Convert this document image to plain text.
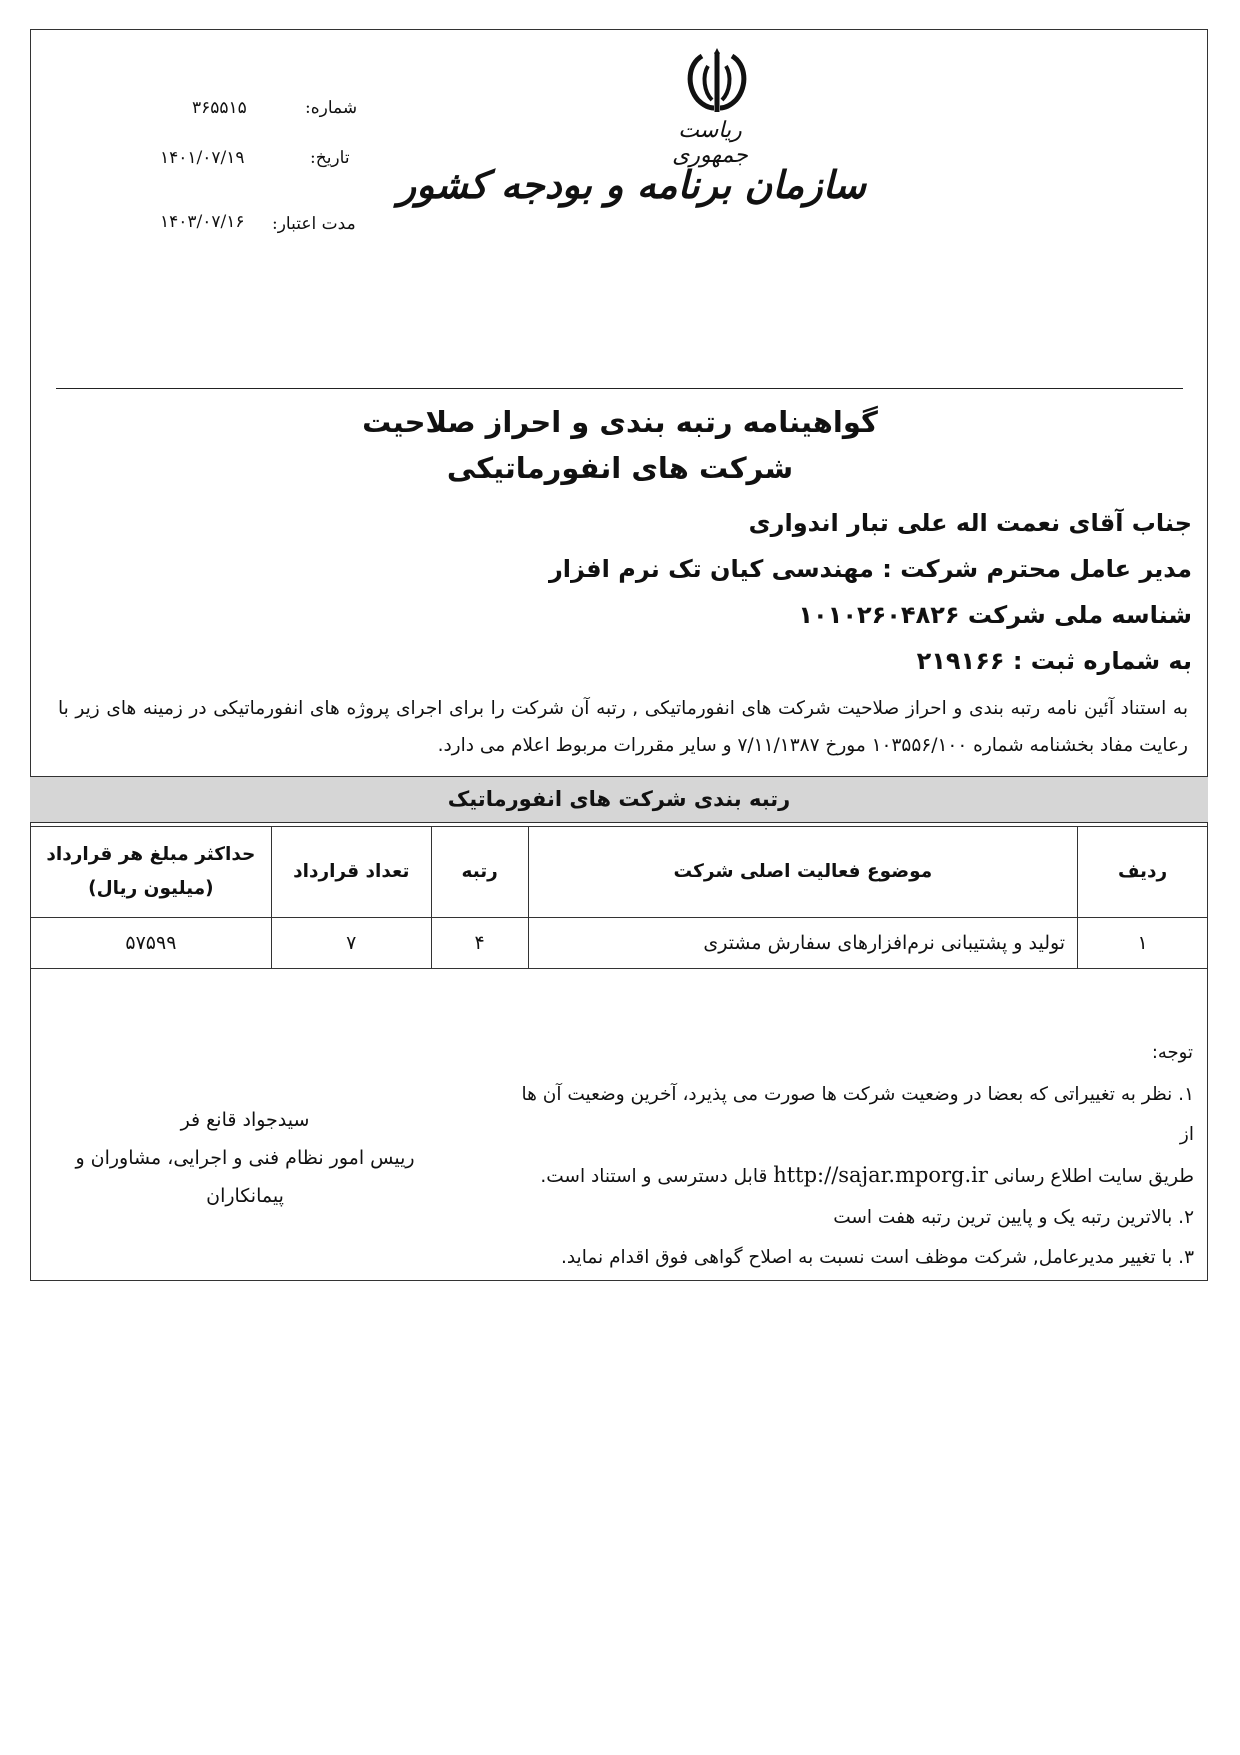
شماره:
۳۶۵۵۱۵
تاریخ:
۱۴۰۱/۰۷/۱۹
مدت اعتبار:
۱۴۰۳/۰۷/۱۶
ریاست جمهوری
سازمان برنامه و بودجه کشور
گواهینامه رتبه بندی و احراز صلاحیت
شرکت های انفورماتیکی
جناب آقای نعمت اله علی تبار اندواری
مدیر عامل محترم شرکت : مهندسی کیان تک نرم افزار
شناسه ملی شرکت ۱۰۱۰۲۶۰۴۸۲۶
به شماره ثبت : ۲۱۹۱۶۶
به استناد آئین نامه رتبه بندی و احراز صلاحیت شرکت های انفورماتیکی , رتبه آن شرکت را برای اجرای پروژه های انفورماتیکی در زمینه های زیر با رعایت مفاد بخشنامه شماره ۱۰۳۵۵۶/۱۰۰ مورخ ۷/۱۱/۱۳۸۷ و سایر مقررات مربوط اعلام می دارد.
رتبه بندی شرکت های انفورماتیک
ردیف	موضوع فعالیت اصلی شرکت	رتبه	تعداد قرارداد	حداکثر مبلغ هر قرارداد
(میلیون ریال)

۱	تولید و پشتیبانی نرم‌افزارهای سفارش مشتری	۴	۷	۵۷۵۹۹
توجه:
۱. نظر به تغییراتی که بعضا در وضعیت شرکت ها صورت می پذیرد، آخرین وضعیت آن ها
از
طریق سایت اطلاع رسانی http://sajar.mporg.ir قابل دسترسی و استناد است.
۲. بالاترین رتبه یک و پایین ترین رتبه هفت است
۳. با تغییر مدیرعامل, شرکت موظف است نسبت به اصلاح گواهی فوق اقدام نماید.
سیدجواد قانع فر
رییس امور نظام فنی و اجرایی، مشاوران و
پیمانکاران
